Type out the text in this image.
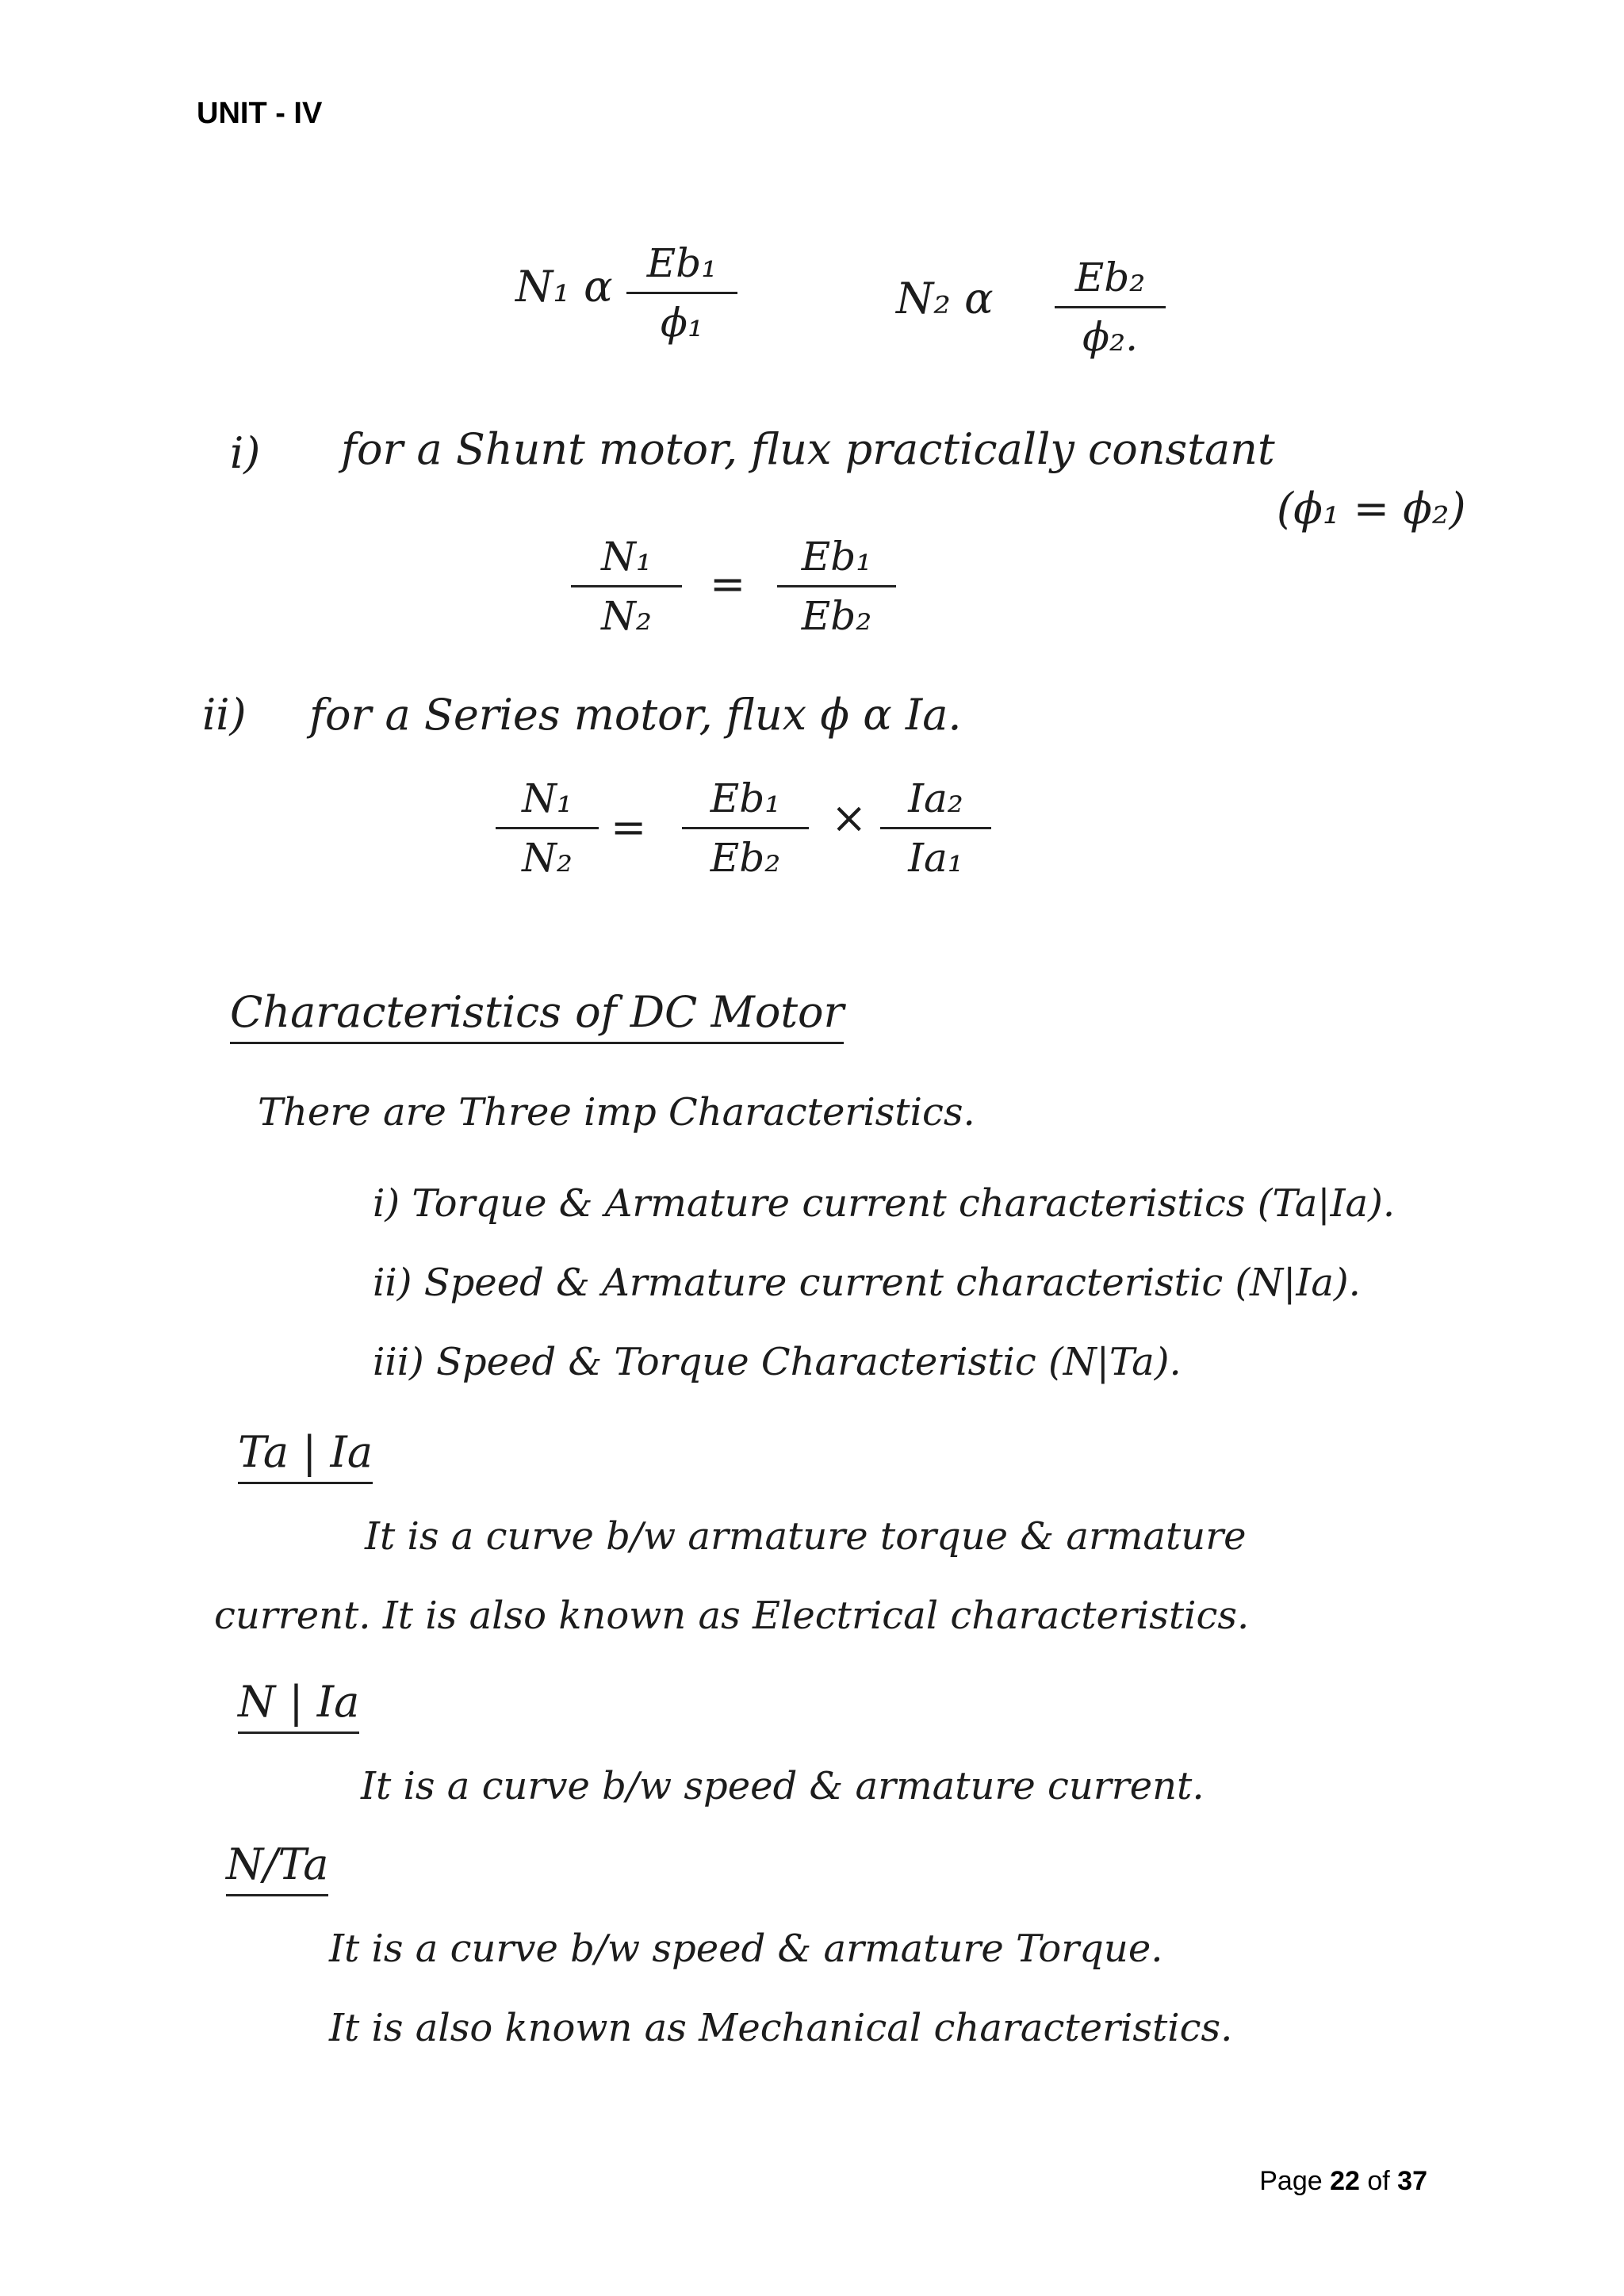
UNIT - IV
N₁ α Eb₁
ϕ₁	N₂ α	Eb₂
ϕ₂.
i) for a Shunt motor, flux practically constant
(ϕ₁ = ϕ₂)
N₁
N₂
=
Eb₁
Eb₂
ii) for a Series motor, flux ϕ α Ia.
N₁
N₂
=
Eb₁
Eb₂
×	Ia₂
Ia₁
Characteristics of DC Motor
There are Three imp Characteristics.
i) Torque & Armature current characteristics (Ta|Ia).
ii) Speed & Armature current characteristic (N|Ia).
iii) Speed & Torque Characteristic (N|Ta).
Ta | Ia
It is a curve b/w armature torque & armature
current. It is also known as Electrical characteristics.
N | Ia
It is a curve b/w speed & armature current.
N/Ta
It is a curve b/w speed & armature Torque.
It is also known as Mechanical characteristics.
Page 22 of 37
